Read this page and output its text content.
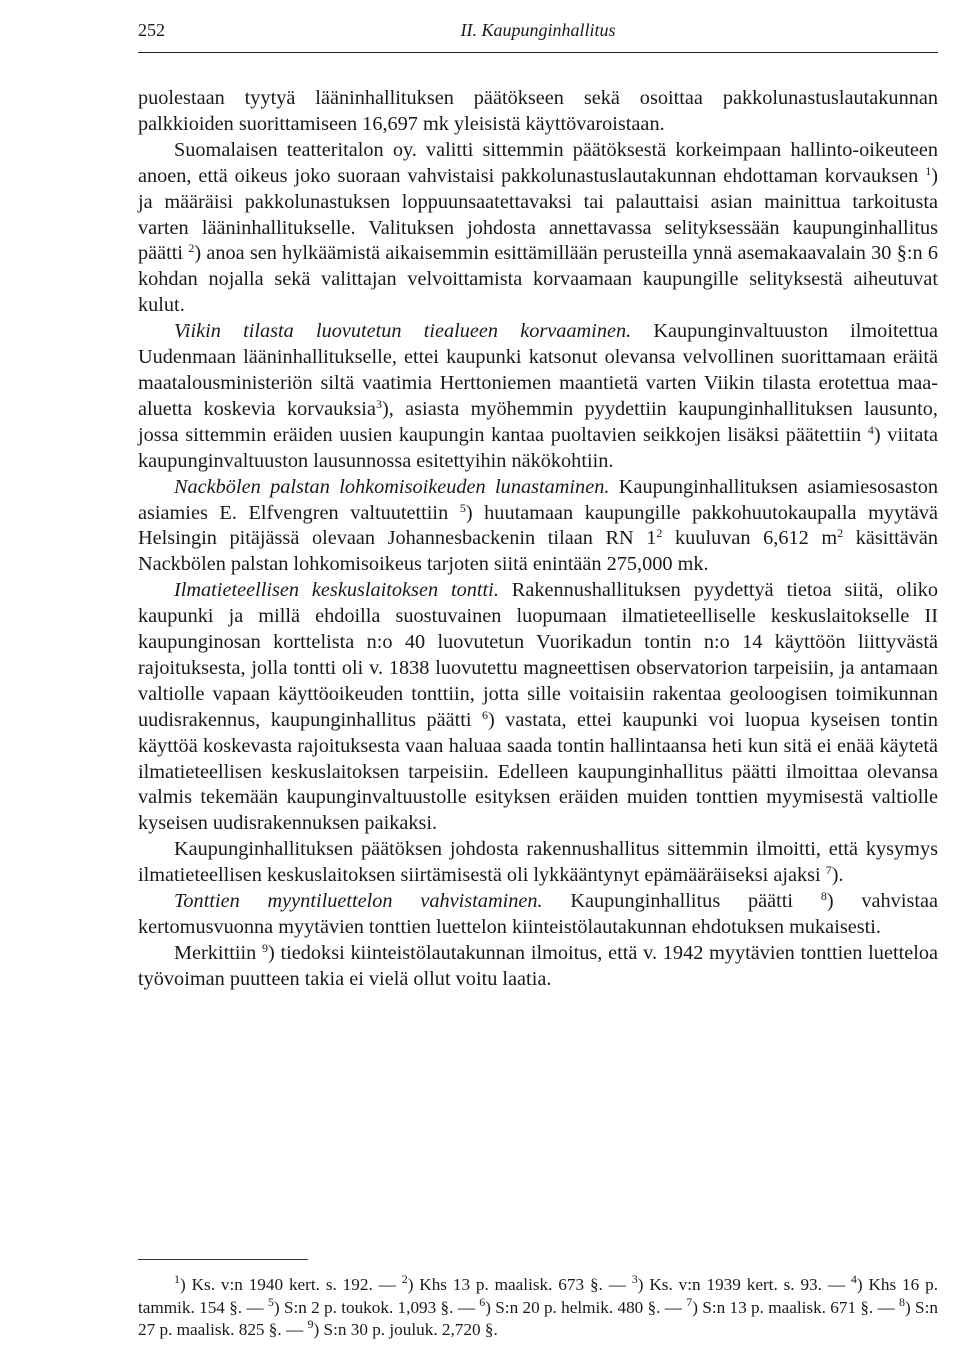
252	II. Kaupunginhallitus

puolestaan tyytyä lääninhallituksen päätökseen sekä osoittaa pakkolunastuslautakunnan palkkioiden suorittamiseen 16,697 mk yleisistä käyttövaroistaan.

Suomalaisen teatteritalon oy. valitti sittemmin päätöksestä korkeimpaan hallinto-oikeuteen anoen, että oikeus joko suoraan vahvistaisi pakkolunastuslautakunnan ehdottaman korvauksen $^1$) ja määräisi pakkolunastuksen loppuunsaatettavaksi tai palauttaisi asian mainittua tarkoitusta varten lääninhallitukselle. Valituksen johdosta annettavassa selityksessään kaupunginhallitus päätti $^2$) anoa sen hylkäämistä aikaisemmin esittämillään perusteilla ynnä asemakaavalain 30 §:n 6 kohdan nojalla sekä valittajan velvoittamista korvaamaan kaupungille selityksestä aiheutuvat kulut.

Viikin tilasta luovutetun tiealueen korvaaminen. Kaupunginvaltuuston ilmoitettua Uudenmaan lääninhallitukselle, ettei kaupunki katsonut olevansa velvollinen suorittamaan eräitä maatalousministeriön siltä vaatimia Herttoniemen maantietä varten Viikin tilasta erotettua maa-aluetta koskevia korvauksia$^3$), asiasta myöhemmin pyydettiin kaupunginhallituksen lausunto, jossa sittemmin eräiden uusien kaupungin kantaa puoltavien seikkojen lisäksi päätettiin $^4$) viitata kaupunginvaltuuston lausunnossa esitettyihin näkökohtiin.

Nackbölen palstan lohkomisoikeuden lunastaminen. Kaupunginhallituksen asiamiesosaston asiamies E. Elfvengren valtuutettiin $^5$) huutamaan kaupungille pakkohuutokaupalla myytävä Helsingin pitäjässä olevaan Johannesbackenin tilaan RN $1^2$ kuuluvan 6,612 $m^2$ käsittävän Nackbölen palstan lohkomisoikeus tarjoten siitä enintään 275,000 mk.

Ilmatieteellisen keskuslaitoksen tontti. Rakennushallituksen pyydettyä tietoa siitä, oliko kaupunki ja millä ehdoilla suostuvainen luopumaan ilmatieteelliselle keskuslaitokselle II kaupunginosan korttelista n:o 40 luovutetun Vuorikadun tontin n:o 14 käyttöön liittyvästä rajoituksesta, jolla tontti oli v. 1838 luovutettu magneettisen observatorion tarpeisiin, ja antamaan valtiolle vapaan käyttöoikeuden tonttiin, jotta sille voitaisiin rakentaa geoloogisen toimikunnan uudisrakennus, kaupunginhallitus päätti $^6$) vastata, ettei kaupunki voi luopua kyseisen tontin käyttöä koskevasta rajoituksesta vaan haluaa saada tontin hallintaansa heti kun sitä ei enää käytetä ilmatieteellisen keskuslaitoksen tarpeisiin. Edelleen kaupunginhallitus päätti ilmoittaa olevansa valmis tekemään kaupunginvaltuustolle esityksen eräiden muiden tonttien myymisestä valtiolle kyseisen uudisrakennuksen paikaksi.

Kaupunginhallituksen päätöksen johdosta rakennushallitus sittemmin ilmoitti, että kysymys ilmatieteellisen keskuslaitoksen siirtämisestä oli lykkääntynyt epämääräiseksi ajaksi $^7$).

Tonttien myyntiluettelon vahvistaminen. Kaupunginhallitus päätti $^8$) vahvistaa kertomusvuonna myytävien tonttien luettelon kiinteistölautakunnan ehdotuksen mukaisesti.

Merkittiin $^9$) tiedoksi kiinteistölautakunnan ilmoitus, että v. 1942 myytävien tonttien luetteloa työvoiman puutteen takia ei vielä ollut voitu laatia.

$^1$) Ks. v:n 1940 kert. s. 192. — $^2$) Khs 13 p. maalisk. 673 §. — $^3$) Ks. v:n 1939 kert. s. 93. — $^4$) Khs 16 p. tammik. 154 §. — $^5$) S:n 2 p. toukok. 1,093 §. — $^6$) S:n 20 p. helmik. 480 §. — $^7$) S:n 13 p. maalisk. 671 §. — $^8$) S:n 27 p. maalisk. 825 §. — $^9$) S:n 30 p. jouluk. 2,720 §.
